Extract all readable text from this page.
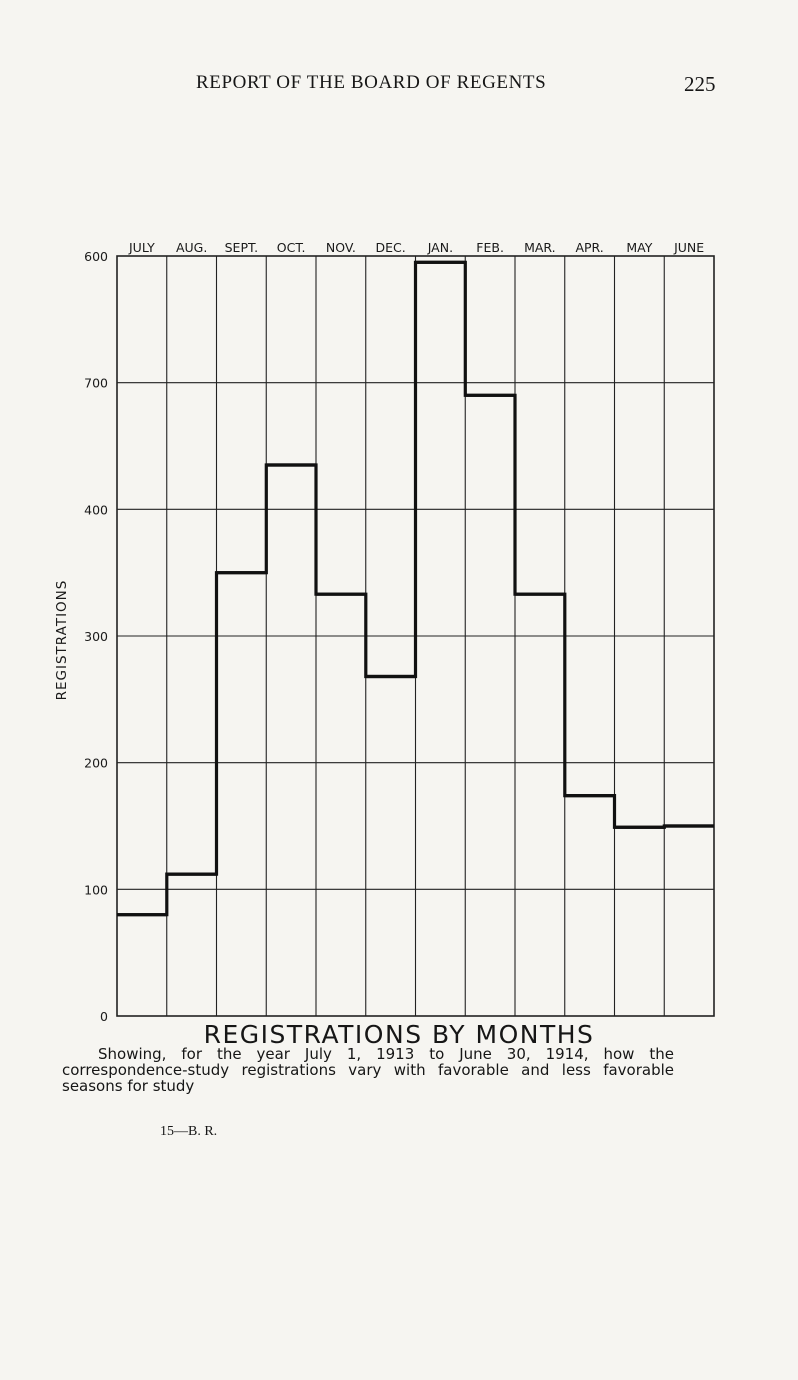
REPORT OF THE BOARD OF REGENTS	225
0
100
200
300
400
700
600
JULY AUG. SEPT. OCT. NOV. DEC. JAN. FEB. MAR. APR. MAY JUNE
REGISTRATIONS
REGISTRATIONS BY MONTHS
Showing, for the year July 1, 1913 to June 30, 1914, how the correspondence-study registrations vary with favorable and less favorable seasons for study
15—B. R.
